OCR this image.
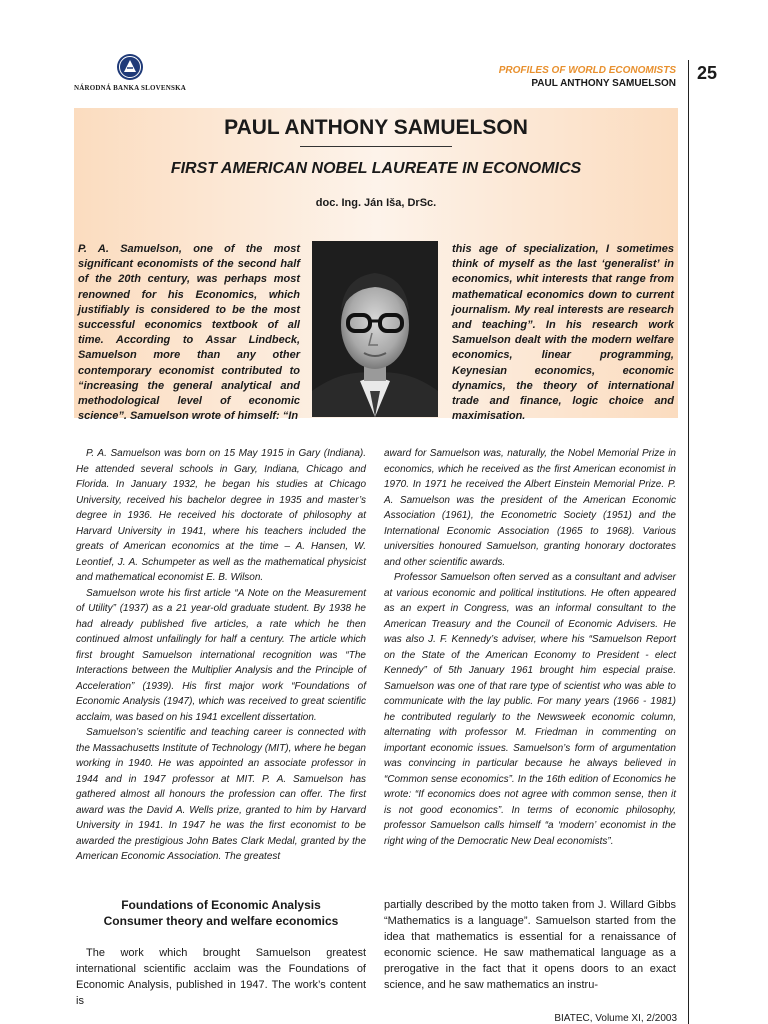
NÁRODNÁ BANKA SLOVENSKA
PROFILES OF WORLD ECONOMISTS
PAUL ANTHONY SAMUELSON
25
PAUL ANTHONY SAMUELSON
FIRST AMERICAN NOBEL LAUREATE IN ECONOMICS
doc. Ing. Ján Iša, DrSc.
P. A. Samuelson, one of the most significant economists of the second half of the 20th century, was perhaps most renowned for his Economics, which justifiably is considered to be the most successful economics textbook of all time. According to Assar Lindbeck, Samuelson more than any other contemporary economist contributed to “increasing the general analytical and methodological level of economic science”. Samuelson wrote of himself: “In
this age of specialization, I sometimes think of myself as the last ‘generalist’ in economics, whit interests that range from mathematical economics down to current journalism. My real interests are research and teaching”. In his research work Samuelson dealt with the modern welfare economics, linear programming, Keynesian economics, economic dynamics, the theory of international trade and finance, logic choice and maximisation.

P. A. Samuelson was born on 15 May 1915 in Gary (Indiana). He attended several schools in Gary, Indiana, Chicago and Florida. In January 1932, he began his studies at Chicago University, received his bachelor degree in 1935 and master’s degree in 1936. He received his doctorate of philosophy at Harvard University in 1941, where his teachers included the greats of American economics at the time – A. Hansen, W. Leontief, J. A. Schumpeter as well as the mathematical physicist and mathematical economist E. B. Wilson.

Samuelson wrote his first article “A Note on the Measurement of Utility” (1937) as a 21 year-old graduate student. By 1938 he had already published five articles, a rate which he then continued almost unfailingly for half a century. The article which first brought Samuelson international recognition was “The Interactions between the Multiplier Analysis and the Principle of Acceleration” (1939). His first major work “Foundations of Economic Analysis (1947), which was received to great scientific acclaim, was based on his 1941 excellent dissertation.

Samuelson’s scientific and teaching career is connected with the Massachusetts Institute of Technology (MIT), where he began working in 1940. He was appointed an associate professor in 1944 and in 1947 professor at MIT. P. A. Samuelson has gathered almost all honours the profession can offer. The first award was the David A. Wells prize, granted to him by Harvard University in 1941. In 1947 he was the first economist to be awarded the prestigious John Bates Clark Medal, granted by the American Economic Association. The greatest

award for Samuelson was, naturally, the Nobel Memorial Prize in economics, which he received as the first American economist in 1970. In 1971 he received the Albert Einstein Memorial Prize. P. A. Samuelson was the president of the American Economic Association (1961), the Econometric Society (1951) and the International Economic Association (1965 to 1968). Various universities honoured Samuelson, granting honorary doctorates and other scientific awards.

Professor Samuelson often served as a consultant and adviser at various economic and political institutions. He often appeared as an expert in Congress, was an informal consultant to the American Treasury and the Council of Economic Advisers. He was also J. F. Kennedy’s adviser, where his “Samuelson Report on the State of the American Economy to President - elect Kennedy” of 5th January 1961 brought him especial praise. Samuelson was one of that rare type of scientist who was able to communicate with the lay public. For many years (1966 - 1981) he contributed regularly to the Newsweek economic column, alternating with professor M. Friedman in commenting on important economic issues. Samuelson’s form of argumentation was convincing in particular because he always believed in “Common sense economics”. In the 16th edition of Economics he wrote: “If economics does not agree with common sense, then it is not good economics”. In terms of economic philosophy, professor Samuelson calls himself “a ‘modern’ economist in the right wing of the Democratic New Deal economists”.

Foundations of Economic Analysis
Consumer theory and welfare economics

The work which brought Samuelson greatest international scientific acclaim was the Foundations of Economic Analysis, published in 1947. The work’s content is

partially described by the motto taken from J. Willard Gibbs “Mathematics is a language”. Samuelson started from the idea that mathematics is essential for a renaissance of economic science. He saw mathematical language as a prerogative in the fact that it opens doors to an exact science, and he saw mathematics an instru-

BIATEC, Volume XI, 2/2003
